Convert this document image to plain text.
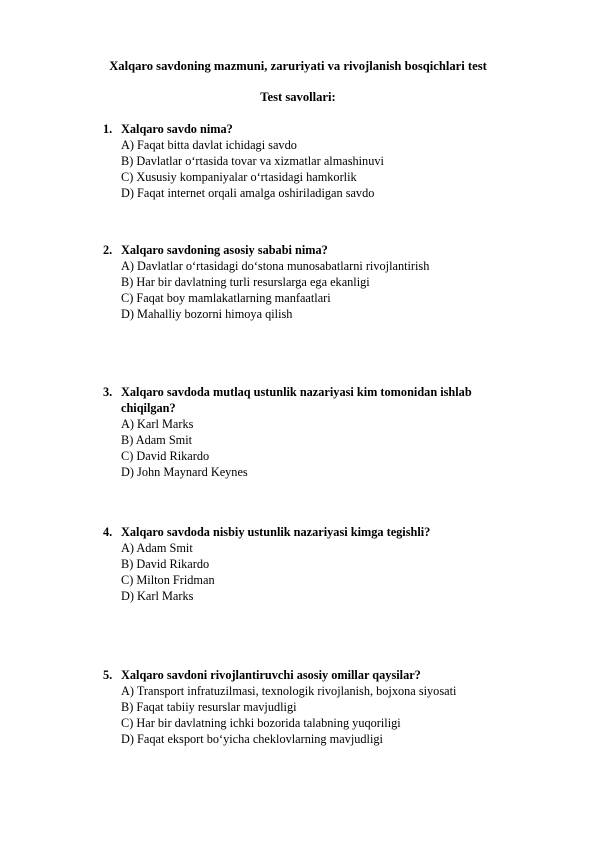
Xalqaro savdoning mazmuni, zaruriyati va rivojlanish bosqichlari test
Test savollari:
1. Xalqaro savdo nima?
A) Faqat bitta davlat ichidagi savdo
B) Davlatlar oʻrtasida tovar va xizmatlar almashinuvi
C) Xususiy kompaniyalar oʻrtasidagi hamkorlik
D) Faqat internet orqali amalga oshiriladigan savdo
2. Xalqaro savdoning asosiy sababi nima?
A) Davlatlar oʻrtasidagi doʻstona munosabatlarni rivojlantirish
B) Har bir davlatning turli resurslarga ega ekanligi
C) Faqat boy mamlakatlarning manfaatlari
D) Mahalliy bozorni himoya qilish
3. Xalqaro savdoda mutlaq ustunlik nazariyasi kim tomonidan ishlab chiqilgan?
A) Karl Marks
B) Adam Smit
C) David Rikardo
D) John Maynard Keynes
4. Xalqaro savdoda nisbiy ustunlik nazariyasi kimga tegishli?
A) Adam Smit
B) David Rikardo
C) Milton Fridman
D) Karl Marks
5. Xalqaro savdoni rivojlantiruvchi asosiy omillar qaysilar?
A) Transport infratuzilmasi, texnologik rivojlanish, bojxona siyosati
B) Faqat tabiiy resurslar mavjudligi
C) Har bir davlatning ichki bozorida talabning yuqoriligi
D) Faqat eksport boʻyicha cheklovlarning mavjudligi
